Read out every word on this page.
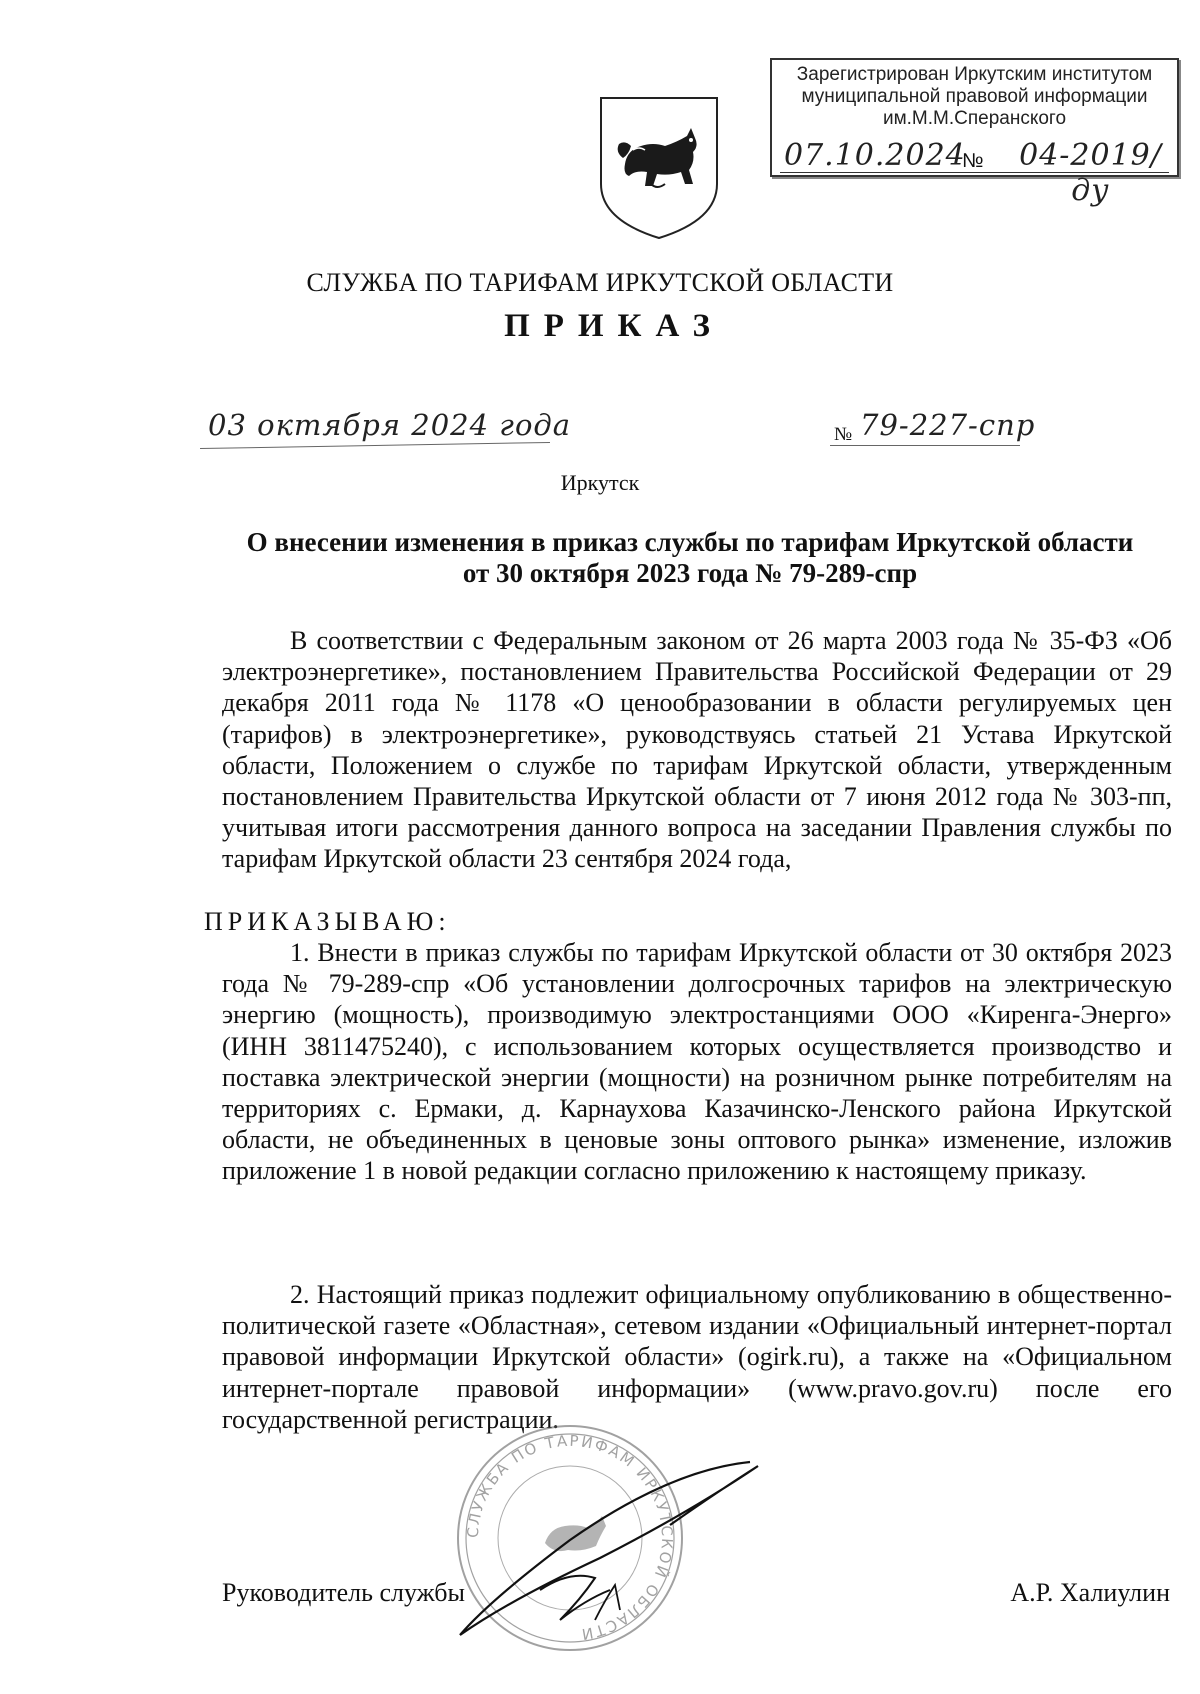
Зарегистрирован Иркутским институтом
муниципальной правовой информации
им.М.М.Сперанского
07.10.2024
№	04-2019/ду

СЛУЖБА ПО ТАРИФАМ ИРКУТСКОЙ ОБЛАСТИ

ПРИКАЗ

03 октября 2024 года	№ 79-227-спр

Иркутск

О внесении изменения в приказ службы по тарифам Иркутской области
от 30 октября 2023 года № 79-289-спр

В соответствии с Федеральным законом от 26 марта 2003 года № 35-ФЗ «Об электроэнергетике», постановлением Правительства Российской Федерации от 29 декабря 2011 года № 1178 «О ценообразовании в области регулируемых цен (тарифов) в электроэнергетике», руководствуясь статьей 21 Устава Иркутской области, Положением о службе по тарифам Иркутской области, утвержденным постановлением Правительства Иркутской области от 7 июня 2012 года № 303-пп, учитывая итоги рассмотрения данного вопроса на заседании Правления службы по тарифам Иркутской области 23 сентября 2024 года,

ПРИКАЗЫВАЮ:

1. Внести в приказ службы по тарифам Иркутской области от 30 октября 2023 года № 79-289-спр «Об установлении долгосрочных тарифов на электрическую энергию (мощность), производимую электростанциями ООО «Киренга-Энерго» (ИНН 3811475240), с использованием которых осуществляется производство и поставка электрической энергии (мощности) на розничном рынке потребителям на территориях с. Ермаки, д. Карнаухова Казачинско-Ленского района Иркутской области, не объединенных в ценовые зоны оптового рынка» изменение, изложив приложение 1 в новой редакции согласно приложению к настоящему приказу.

2. Настоящий приказ подлежит официальному опубликованию в общественно-политической газете «Областная», сетевом издании «Официальный интернет-портал правовой информации Иркутской области» (ogirk.ru), а также на «Официальном интернет-портале правовой информации» (www.pravo.gov.ru) после его государственной регистрации.

СЛУЖБА ПО ТАРИФАМ ИРКУТСКОЙ ОБЛАСТИ
Руководитель службы	А.Р. Халиулин
